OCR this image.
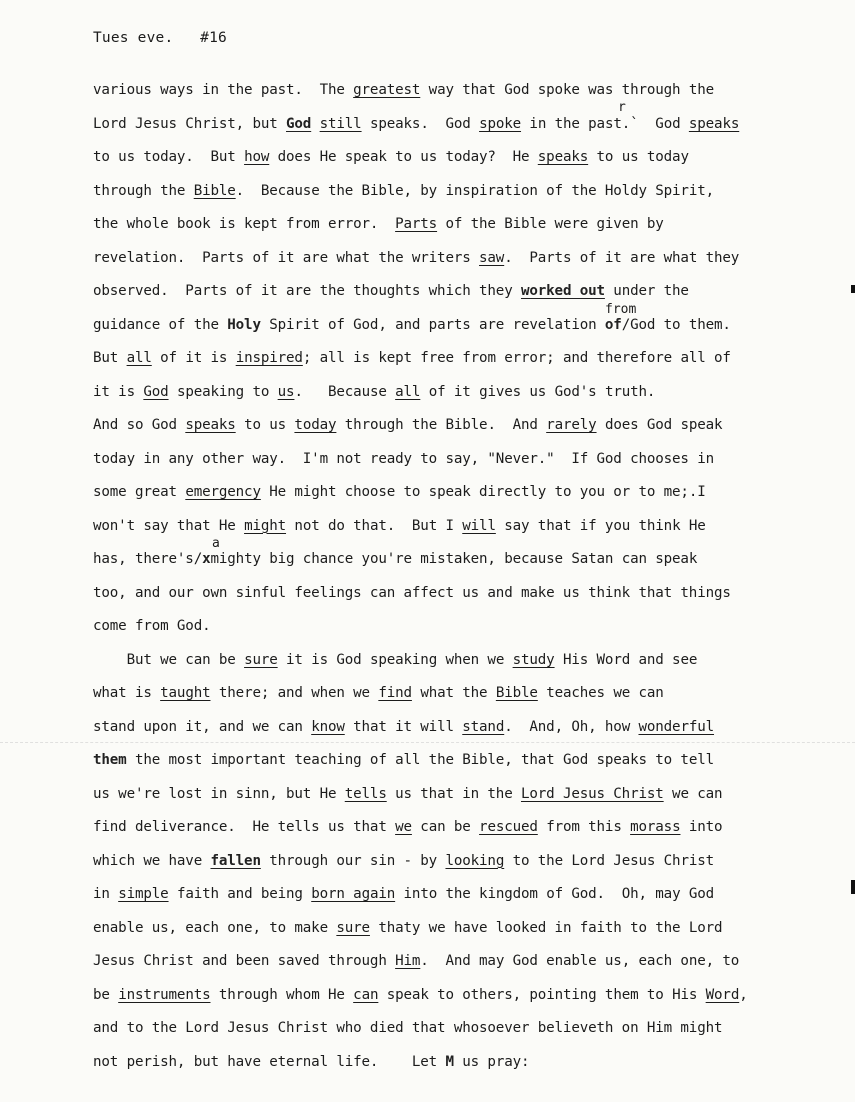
Tues eve.   #16
various ways in the past.  The greatest way that God spoke was through the
Lord Jesus Christ, but God still speaks.  God spoke in the past.`  God speaks
to us today.  But how does He speak to us today?  He speaks to us today
through the Bible.  Because the Bible, by inspiration of the Holdy Spirit,
the whole book is kept from error.  Parts of the Bible were given by
revelation.  Parts of it are what the writers saw.  Parts of it are what they
observed.  Parts of it are the thoughts which they worked out under the
guidance of the Holy Spirit of God, and parts are revelation of/God to them.
But all of it is inspired; all is kept free from error; and therefore all of
it is God speaking to us.   Because all of it gives us God's truth.
And so God speaks to us today through the Bible.  And rarely does God speak
today in any other way.  I'm not ready to say, "Never."  If God chooses in
some great emergency He might choose to speak directly to you or to me;.I
won't say that He might not do that.  But I will say that if you think He
has, there's/xmighty big chance you're mistaken, because Satan can speak
too, and our own sinful feelings can affect us and make us think that things
come from God.
But we can be sure it is God speaking when we study His Word and see
what is taught there; and when we find what the Bible teaches we can
stand upon it, and we can know that it will stand.  And, Oh, how wonderful
them the most important teaching of all the Bible, that God speaks to tell
us we're lost in sinn, but He tells us that in the Lord Jesus Christ we can
find deliverance.  He tells us that we can be rescued from this morass into
which we have fallen through our sin - by looking to the Lord Jesus Christ
in simple faith and being born again into the kingdom of God.  Oh, may God
enable us, each one, to make sure thaty we have looked in faith to the Lord
Jesus Christ and been saved through Him.  And may God enable us, each one, to
be instruments through whom He can speak to others, pointing them to His Word,
and to the Lord Jesus Christ who died that whosoever believeth on Him might
not perish, but have eternal life.    Let M us pray:
r
from
a
